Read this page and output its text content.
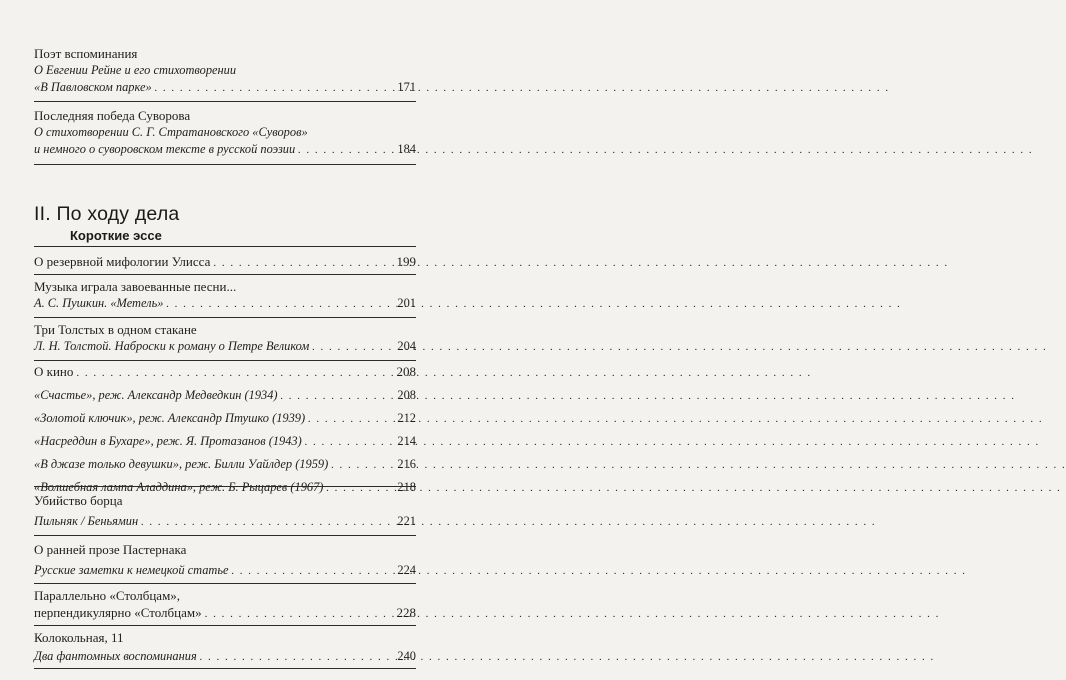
Поэт вспоминания
О Евгении Рейне и его стихотворении
«В Павловском парке» . . .	171
Последняя победа Суворова
О стихотворении С. Г. Стратановского «Суворов»
и немного о суворовском тексте в русской поэзии . . .	184
II. По ходу дела
Короткие эссе
О резервной мифологии Улисса . . .	199
Музыка играла завоеванные песни...
А. С. Пушкин. «Метель» . . .	201
Три Толстых в одном стакане
Л. Н. Толстой. Наброски к роману о Петре Великом . . .	204
О кино . . .	208
«Счастье», реж. Александр Медведкин (1934) . . .	208
«Золотой ключик», реж. Александр Птушко (1939) . . .	212
«Насреддин в Бухаре», реж. Я. Протазанов (1943) . . .	214
«В джазе только девушки», реж. Билли Уайлдер (1959) . . .	216
«Волшебная лампа Аладдина», реж. Б. Рыцарев (1967) . . .	218
Убийство борца
Пильняк / Беньямин . . .	221
О ранней прозе Пастернака
Русские заметки к немецкой статье . . .	224
Параллельно «Столбцам»,
перпендикулярно «Столбцам» . . .	228
Колокольная, 11
Два фантомных воспоминания . . .	240
